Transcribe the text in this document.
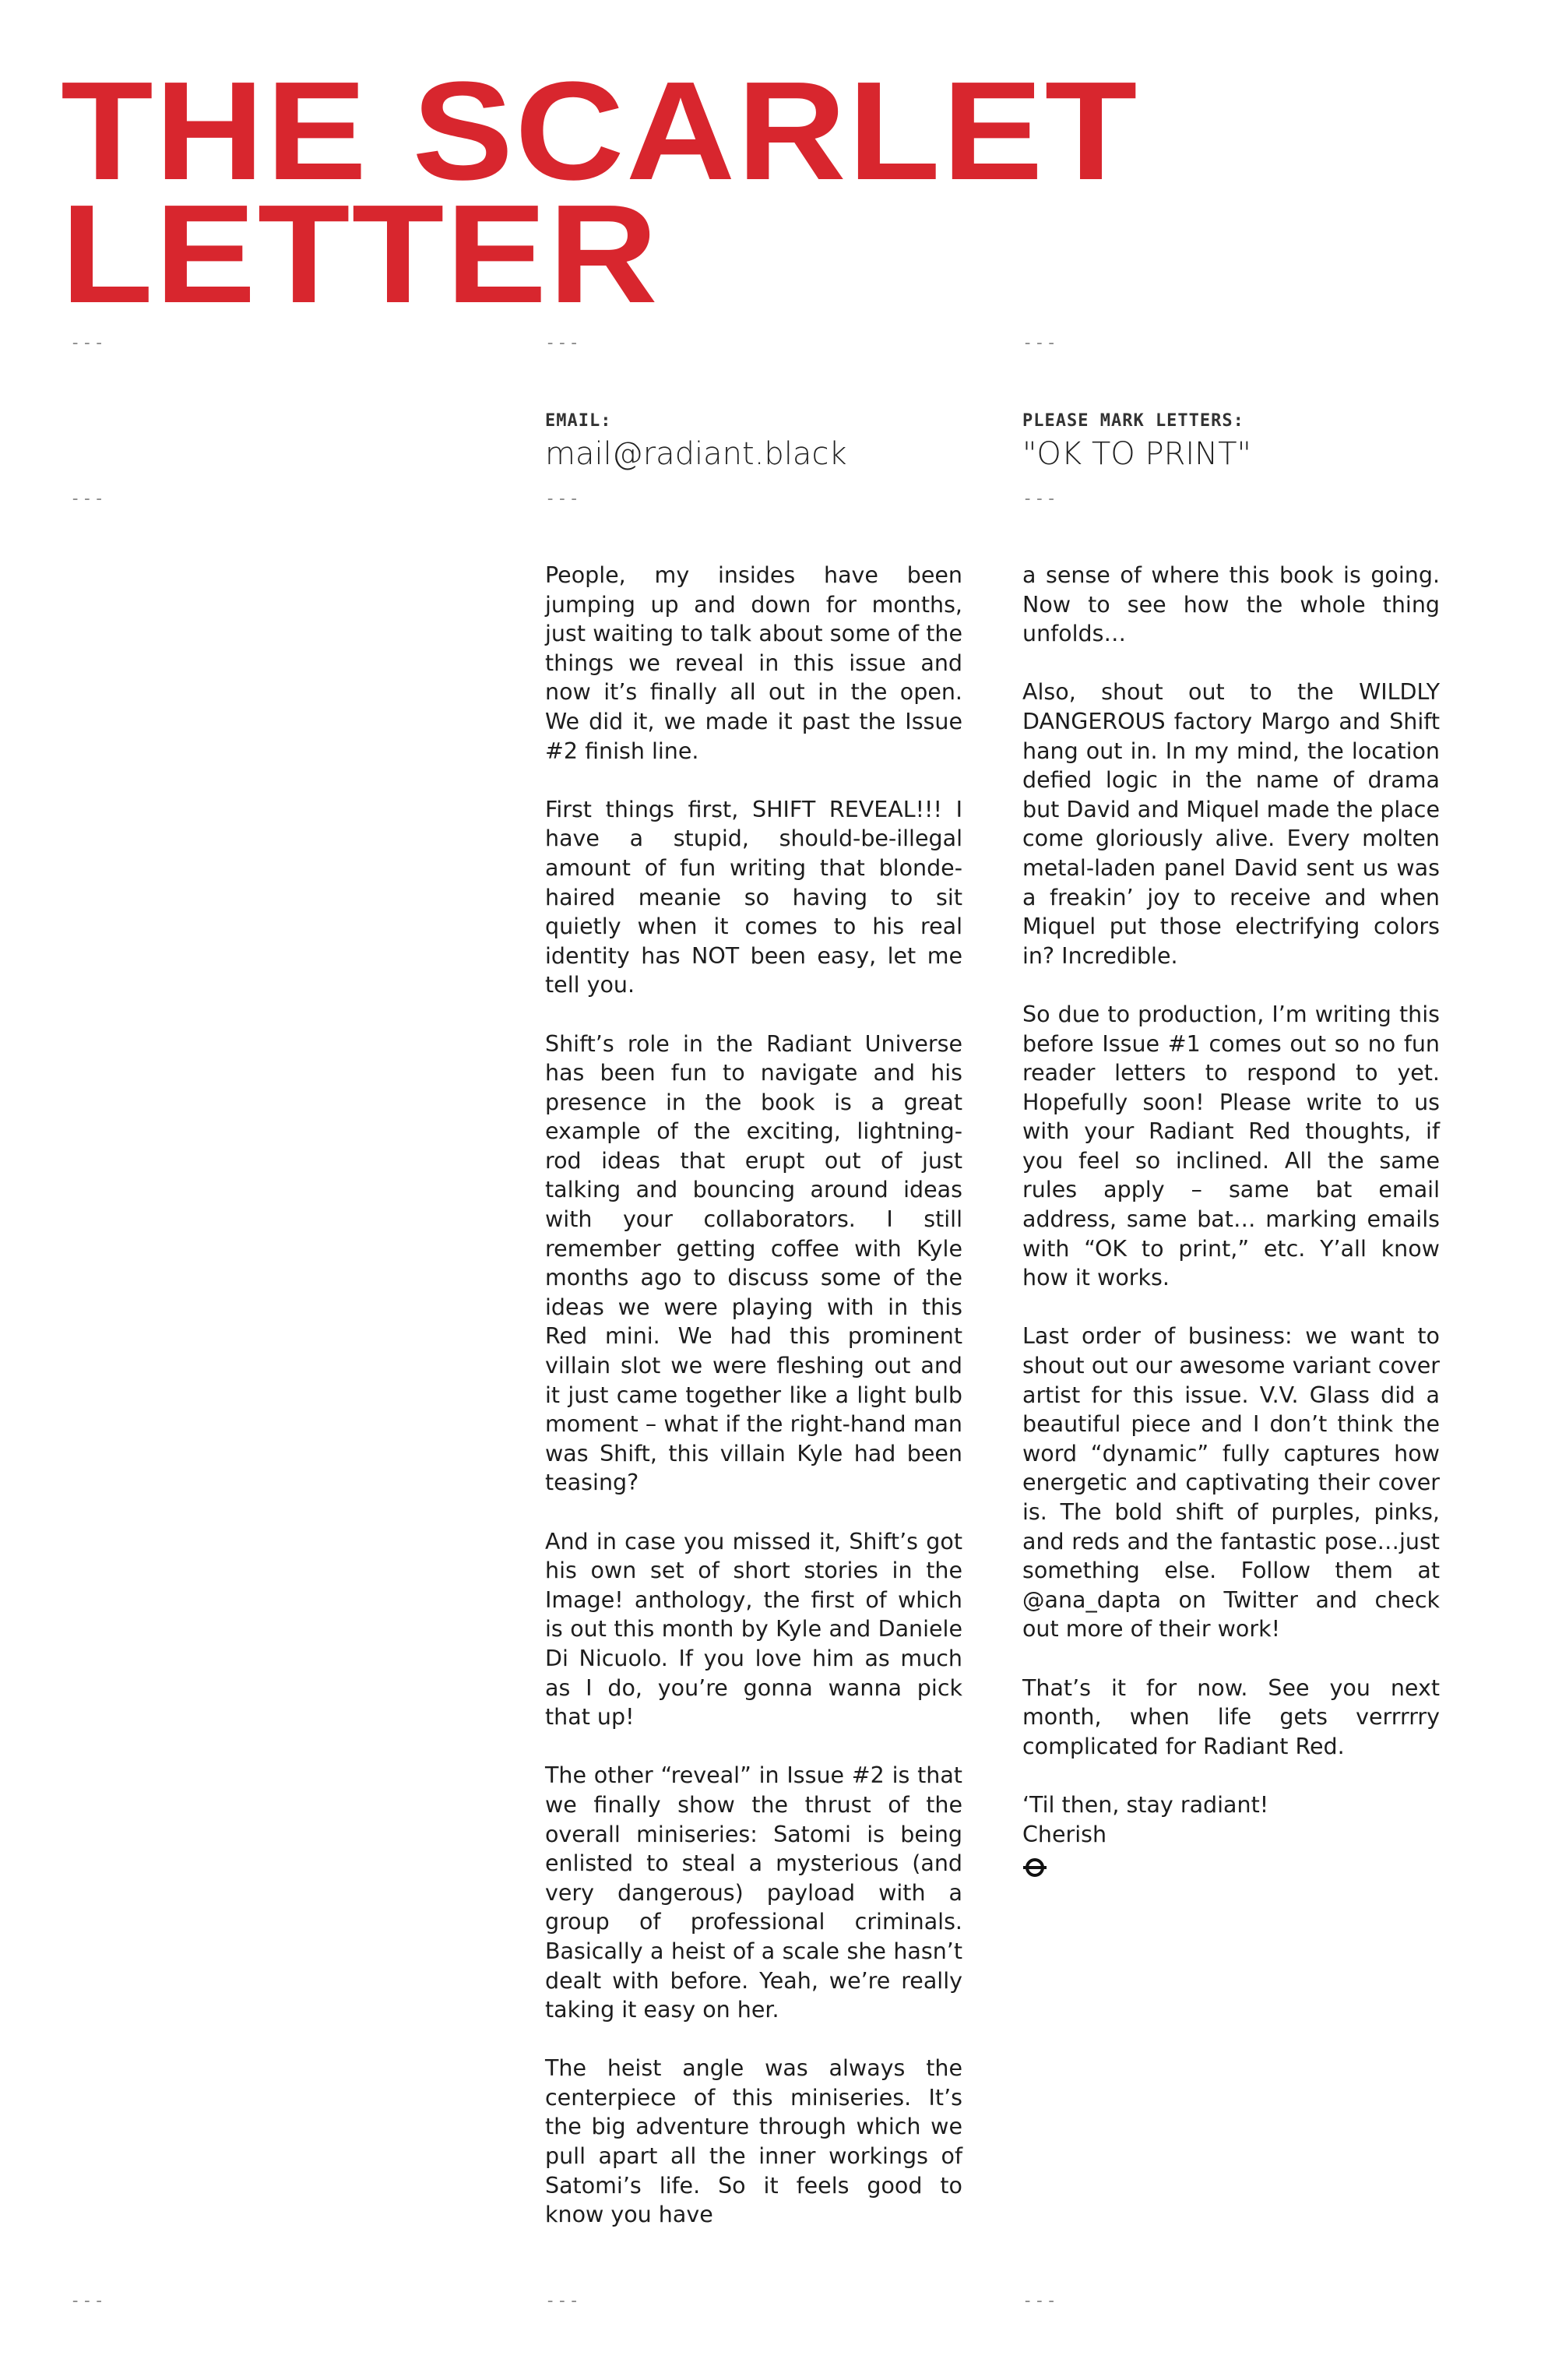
THE SCARLET
LETTER
---	---	---
EMAIL:
mail@radiant.black
PLEASE MARK LETTERS:
"OK TO PRINT"
---	---	---

People, my insides have been jumping up and down for months, just waiting to talk about some of the things we reveal in this issue and now it’s finally all out in the open. We did it, we made it past the Issue #2 finish line.

First things first, SHIFT REVEAL!!! I have a stupid, should-be-illegal amount of fun writing that blonde-haired meanie so having to sit quietly when it comes to his real identity has NOT been easy, let me tell you.

Shift’s role in the Radiant Universe has been fun to navigate and his presence in the book is a great example of the exciting, lightning-rod ideas that erupt out of just talking and bouncing around ideas with your collaborators. I still remember getting coffee with Kyle months ago to discuss some of the ideas we were playing with in this Red mini. We had this prominent villain slot we were fleshing out and it just came together like a light bulb moment – what if the right-hand man was Shift, this villain Kyle had been teasing?

And in case you missed it, Shift’s got his own set of short stories in the Image! anthology, the first of which is out this month by Kyle and Daniele Di Nicuolo. If you love him as much as I do, you’re gonna wanna pick that up!

The other “reveal” in Issue #2 is that we finally show the thrust of the overall miniseries: Satomi is being enlisted to steal a mysterious (and very dangerous) payload with a group of professional criminals. Basically a heist of a scale she hasn’t dealt with before. Yeah, we’re really taking it easy on her.

The heist angle was always the centerpiece of this miniseries. It’s the big adventure through which we pull apart all the inner workings of Satomi’s life. So it feels good to know you have

a sense of where this book is going. Now to see how the whole thing unfolds…

Also, shout out to the WILDLY DANGEROUS factory Margo and Shift hang out in. In my mind, the location defied logic in the name of drama but David and Miquel made the place come gloriously alive. Every molten metal-laden panel David sent us was a freakin’ joy to receive and when Miquel put those electrifying colors in? Incredible.

So due to production, I’m writing this before Issue #1 comes out so no fun reader letters to respond to yet. Hopefully soon! Please write to us with your Radiant Red thoughts, if you feel so inclined. All the same rules apply – same bat email address, same bat… marking emails with “OK to print,” etc. Y’all know how it works.

Last order of business: we want to shout out our awesome variant cover artist for this issue. V.V. Glass did a beautiful piece and I don’t think the word “dynamic” fully captures how energetic and captivating their cover is. The bold shift of purples, pinks, and reds and the fantastic pose…just something else. Follow them at @ana_dapta on Twitter and check out more of their work!

That’s it for now. See you next month, when life gets verrrrry complicated for Radiant Red.

‘Til then, stay radiant!
Cherish

---	---	---
